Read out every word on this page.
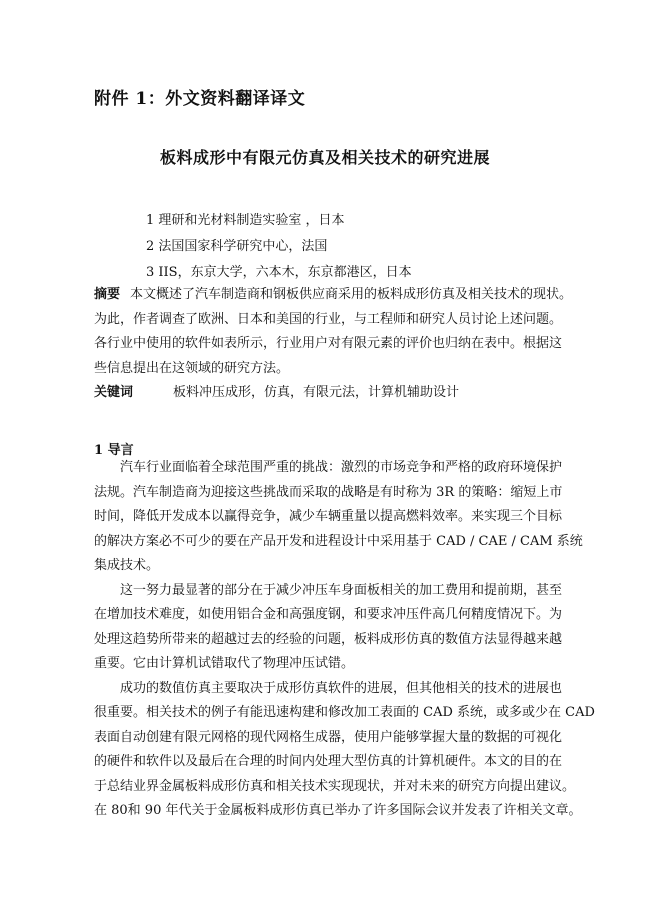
附件 1：外文资料翻译译文
板料成形中有限元仿真及相关技术的研究进展
1 理研和光材料制造实验室 ，日本
2 法国国家科学研究中心，法国
3 IIS，东京大学，六本木，东京都港区，日本
摘要 本文概述了汽车制造商和钢板供应商采用的板料成形仿真及相关技术的现状。
为此，作者调查了欧洲、日本和美国的行业，与工程师和研究人员讨论上述问题。
各行业中使用的软件如表所示，行业用户对有限元素的评价也归纳在表中。根据这
些信息提出在这领域的研究方法。
关键词	板料冲压成形，仿真，有限元法，计算机辅助设计
1 导言
汽车行业面临着全球范围严重的挑战：激烈的市场竞争和严格的政府环境保护
法规。汽车制造商为迎接这些挑战而采取的战略是有时称为 3R 的策略：缩短上市
时间，降低开发成本以赢得竞争，减少车辆重量以提高燃料效率。来实现三个目标
的解决方案必不可少的要在产品开发和进程设计中采用基于 CAD / CAE / CAM 系统
集成技术。
这一努力最显著的部分在于减少冲压车身面板相关的加工费用和提前期，甚至
在增加技术难度，如使用铝合金和高强度钢，和要求冲压件高几何精度情况下。为
处理这趋势所带来的超越过去的经验的问题，板料成形仿真的数值方法显得越来越
重要。它由计算机试错取代了物理冲压试错。
成功的数值仿真主要取决于成形仿真软件的进展，但其他相关的技术的进展也
很重要。相关技术的例子有能迅速构建和修改加工表面的 CAD 系统，或多或少在 CAD
表面自动创建有限元网格的现代网格生成器，使用户能够掌握大量的数据的可视化
的硬件和软件以及最后在合理的时间内处理大型仿真的计算机硬件。本文的目的在
于总结业界金属板料成形仿真和相关技术实现现状，并对未来的研究方向提出建议。
在 80和 90 年代关于金属板料成形仿真已举办了许多国际会议并发表了许相关文章。
